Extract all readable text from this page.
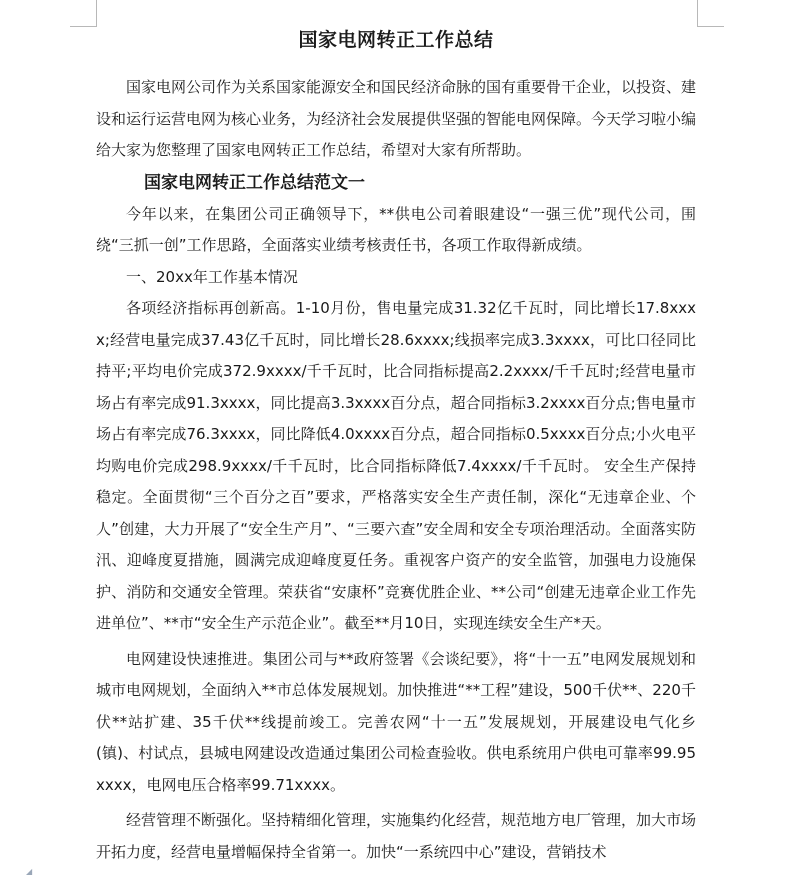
国家电网转正工作总结

国家电网公司作为关系国家能源安全和国民经济命脉的国有重要骨干企业，以投资、建设和运行运营电网为核心业务，为经济社会发展提供坚强的智能电网保障。今天学习啦小编给大家为您整理了国家电网转正工作总结，希望对大家有所帮助。

国家电网转正工作总结范文一

今年以来，在集团公司正确领导下，**供电公司着眼建设“一强三优”现代公司，围绕“三抓一创”工作思路，全面落实业绩考核责任书，各项工作取得新成绩。

一、20xx年工作基本情况

各项经济指标再创新高。1-10月份，售电量完成31.32亿千瓦时，同比增长17.8xxxx;经营电量完成37.43亿千瓦时，同比增长28.6xxxx;线损率完成3.3xxxx，可比口径同比持平;平均电价完成372.9xxxx/千千瓦时，比合同指标提高2.2xxxx/千千瓦时;经营电量市场占有率完成91.3xxxx，同比提高3.3xxxx百分点，超合同指标3.2xxxx百分点;售电量市场占有率完成76.3xxxx，同比降低4.0xxxx百分点，超合同指标0.5xxxx百分点;小火电平均购电价完成298.9xxxx/千千瓦时，比合同指标降低7.4xxxx/千千瓦时。 安全生产保持稳定。全面贯彻“三个百分之百”要求，严格落实安全生产责任制，深化“无违章企业、个人”创建，大力开展了“安全生产月”、“三要六查”安全周和安全专项治理活动。全面落实防汛、迎峰度夏措施，圆满完成迎峰度夏任务。重视客户资产的安全监管，加强电力设施保护、消防和交通安全管理。荣获省“安康杯”竞赛优胜企业、**公司“创建无违章企业工作先进单位”、**市“安全生产示范企业”。截至**月10日，实现连续安全生产*天。

电网建设快速推进。集团公司与**政府签署《会谈纪要》，将“十一五”电网发展规划和城市电网规划，全面纳入**市总体发展规划。加快推进“**工程”建设，500千伏**、220千伏**站扩建、35千伏**线提前竣工。完善农网“十一五”发展规划，开展建设电气化乡(镇)、村试点，县城电网建设改造通过集团公司检查验收。供电系统用户供电可靠率99.95xxxx，电网电压合格率99.71xxxx。

经营管理不断强化。坚持精细化管理，实施集约化经营，规范地方电厂管理，加大市场开拓力度，经营电量增幅保持全省第一。加快“一系统四中心”建设，营销技术

◢
